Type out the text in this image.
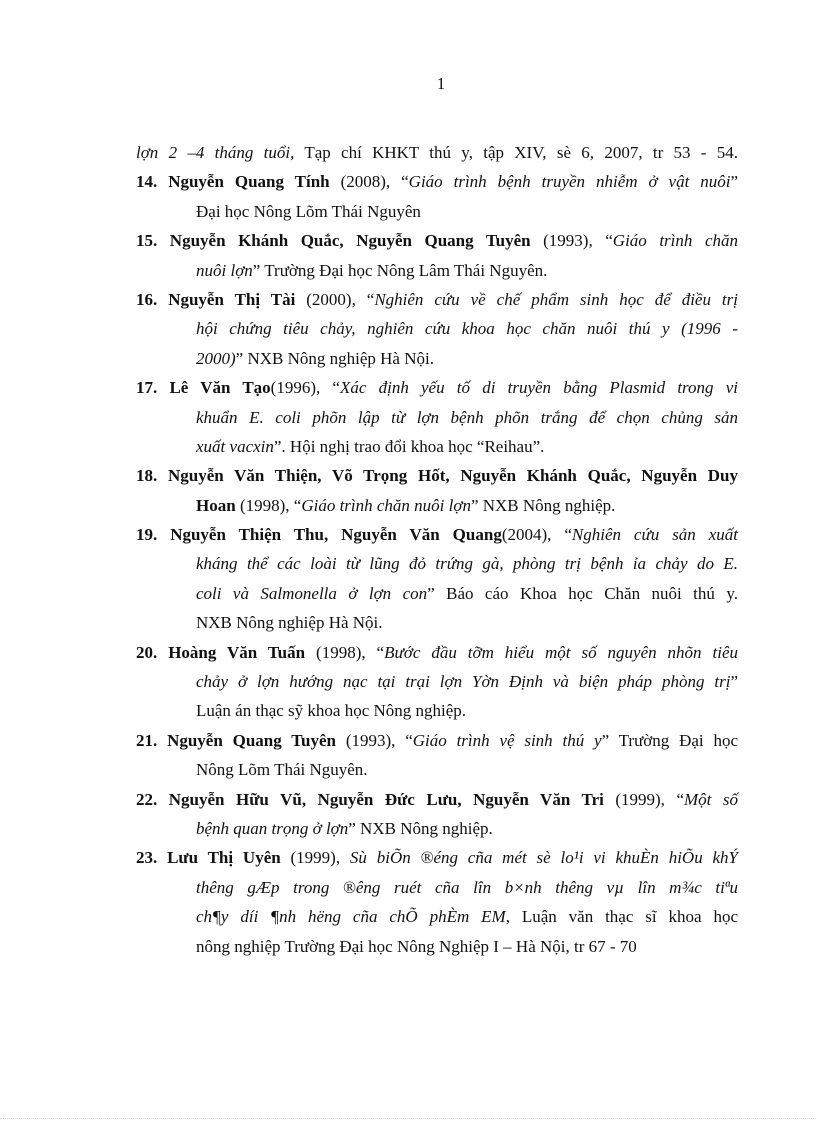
1
lợn 2 –4 tháng tuổi, Tạp chí KHKT thú y, tập XIV, sè 6, 2007, tr 53 - 54.
14. Nguyễn Quang Tính (2008), “Giáo trình bệnh truyền nhiễm ở vật nuôi”
Đại học Nông Lõm Thái Nguyên
15. Nguyễn Khánh Quắc, Nguyễn Quang Tuyên (1993), “Giáo trình chăn
nuôi lợn” Trường Đại học Nông Lâm Thái Nguyên.
16. Nguyễn Thị Tài (2000), “Nghiên cứu về chế phẩm sinh học để điều trị
hội chứng tiêu chảy, nghiên cứu khoa học chăn nuôi thú y (1996 -
2000)” NXB Nông nghiệp Hà Nội.
17. Lê Văn Tạo(1996), “Xác định yếu tố di truyền bằng Plasmid trong vi
khuẩn E. coli phõn lập từ lợn bệnh phõn trắng để chọn chủng sản
xuất vacxin”. Hội nghị trao đổi khoa học “Reihau”.
18. Nguyễn Văn Thiện, Võ Trọng Hốt, Nguyễn Khánh Quắc, Nguyễn Duy
Hoan (1998), “Giáo trình chăn nuôi lợn” NXB Nông nghiệp.
19. Nguyễn Thiện Thu, Nguyễn Văn Quang(2004), “Nghiên cứu sản xuất
kháng thể các loài từ lũng đỏ trứng gà, phòng trị bệnh ỉa chảy do E.
coli và Salmonella ở lợn con” Báo cáo Khoa học Chăn nuôi thú y.
NXB Nông nghiệp Hà Nội.
20. Hoàng Văn Tuấn (1998), “Bước đầu tỡm hiểu một số nguyên nhõn tiêu
chảy ở lợn hướng nạc tại trại lợn Yờn Định và biện pháp phòng trị”
Luận án thạc sỹ khoa học Nông nghiệp.
21. Nguyễn Quang Tuyên (1993), “Giáo trình vệ sinh thú y” Trường Đại học
Nông Lõm Thái Nguyên.
22. Nguyễn Hữu Vũ, Nguyễn Đức Lưu, Nguyễn Văn Tri (1999), “Một số
bệnh quan trọng ở lợn” NXB Nông nghiệp.
23. Lưu Thị Uyên (1999), Sù biÕn ®éng cña mét sè lo¹i vi khuÈn hiÕu khÝ
thêng gÆp trong ®êng ruét cña lîn b×nh thêng vµ lîn m¾c tiªu
ch¶y díi ¶nh hëng cña chÕ phÈm EM, Luận văn thạc sĩ khoa học
nông nghiệp Trường Đại học Nông Nghiệp I – Hà Nội, tr 67 - 70
